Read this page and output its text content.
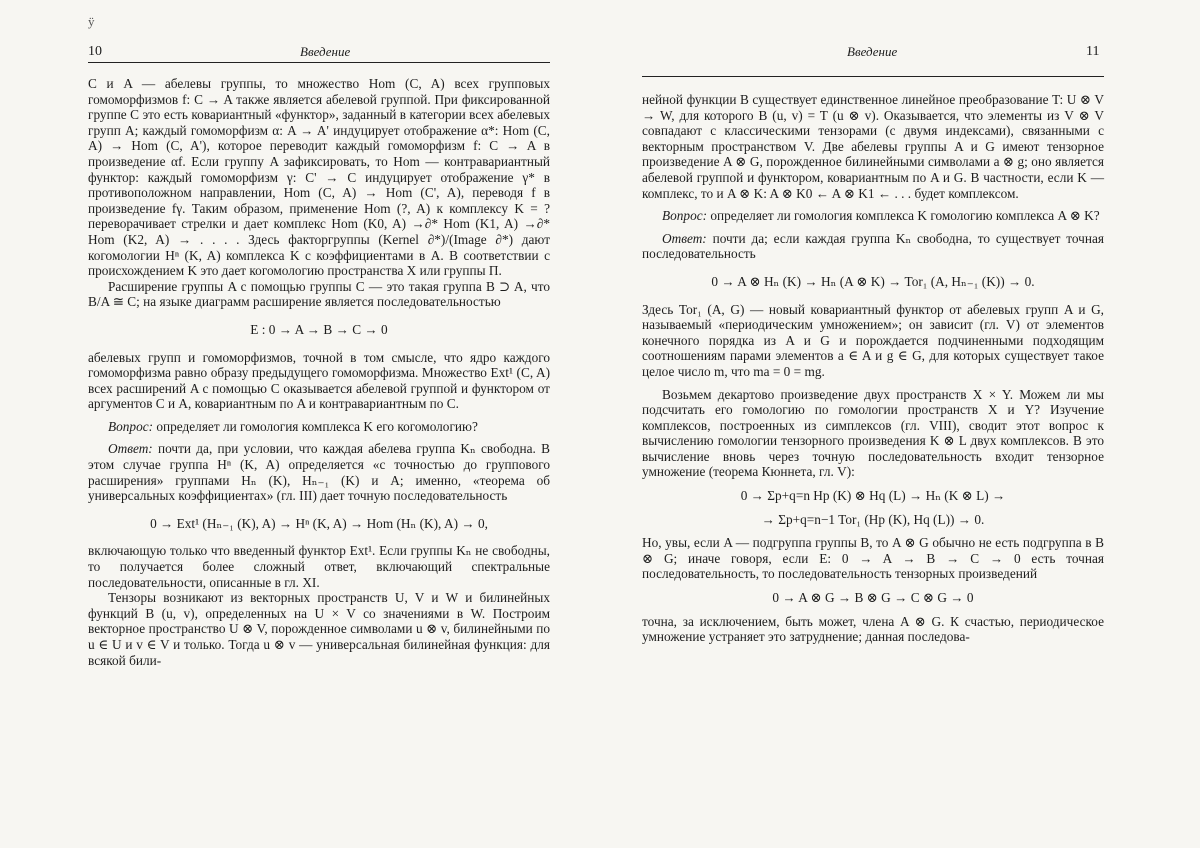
ÿ
10	Введение

C и A — абелевы группы, то множество Hom (C, A) всех групповых гомоморфизмов f: C → A также является абелевой группой. При фиксированной группе C это есть ковариантный «функтор», заданный в категории всех абелевых групп A; каждый гомоморфизм α: A → A' индуцирует отображение α*: Hom (C, A) → Hom (C, A'), которое переводит каждый гомоморфизм f: C → A в произведение αf. Если группу A зафиксировать, то Hom — контравариантный функтор: каждый гомоморфизм γ: C' → C индуцирует отображение γ* в противоположном направлении, Hom (C, A) → Hom (C', A), переводя f в произведение fγ. Таким образом, применение Hom (?, A) к комплексу K = ? переворачивает стрелки и дает комплекс Hom (K0, A) →∂* Hom (K1, A) →∂* Hom (K2, A) → . . . . Здесь факторгруппы (Kernel ∂*)/(Image ∂*) дают когомологии Hⁿ (K, A) комплекса K с коэффициентами в A. В соответствии с происхождением K это дает когомологию пространства X или группы Π.

Расширение группы A с помощью группы C — это такая группа B ⊃ A, что B/A ≅ C; на языке диаграмм расширение является последовательностью

E : 0 → A → B → C → 0

абелевых групп и гомоморфизмов, точной в том смысле, что ядро каждого гомоморфизма равно образу предыдущего гомоморфизма. Множество Ext¹ (C, A) всех расширений A с помощью C оказывается абелевой группой и функтором от аргументов C и A, ковариантным по A и контравариантным по C.

Вопрос: определяет ли гомология комплекса K его когомологию?

Ответ: почти да, при условии, что каждая абелева группа Kₙ свободна. В этом случае группа Hⁿ (K, A) определяется «с точностью до группового расширения» группами Hₙ (K), Hₙ₋₁ (K) и A; именно, «теорема об универсальных коэффициентах» (гл. III) дает точную последовательность

0 → Ext¹ (Hₙ₋₁ (K), A) → Hⁿ (K, A) → Hom (Hₙ (K), A) → 0,

включающую только что введенный функтор Ext¹. Если группы Kₙ не свободны, то получается более сложный ответ, включающий спектральные последовательности, описанные в гл. XI.

Тензоры возникают из векторных пространств U, V и W и билинейных функций B (u, v), определенных на U × V со значениями в W. Построим векторное пространство U ⊗ V, порожденное символами u ⊗ v, билинейными по u ∈ U и v ∈ V и только. Тогда u ⊗ v — универсальная билинейная функция: для всякой били-

Введение	11

нейной функции B существует единственное линейное преобразование T: U ⊗ V → W, для которого B (u, v) = T (u ⊗ v). Оказывается, что элементы из V ⊗ V совпадают с классическими тензорами (с двумя индексами), связанными с векторным пространством V. Две абелевы группы A и G имеют тензорное произведение A ⊗ G, порожденное билинейными символами a ⊗ g; оно является абелевой группой и функтором, ковариантным по A и G. В частности, если K — комплекс, то и A ⊗ K: A ⊗ K0 ← A ⊗ K1 ← . . . будет комплексом.

Вопрос: определяет ли гомология комплекса K гомологию комплекса A ⊗ K?

Ответ: почти да; если каждая группа Kₙ свободна, то существует точная последовательность

0 → A ⊗ Hₙ (K) → Hₙ (A ⊗ K) → Tor₁ (A, Hₙ₋₁ (K)) → 0.

Здесь Tor₁ (A, G) — новый ковариантный функтор от абелевых групп A и G, называемый «периодическим умножением»; он зависит (гл. V) от элементов конечного порядка из A и G и порождается подчиненными подходящим соотношениям парами элементов a ∈ A и g ∈ G, для которых существует такое целое число m, что ma = 0 = mg.

Возьмем декартово произведение двух пространств X × Y. Можем ли мы подсчитать его гомологию по гомологии пространств X и Y? Изучение комплексов, построенных из симплексов (гл. VIII), сводит этот вопрос к вычислению гомологии тензорного произведения K ⊗ L двух комплексов. В это вычисление вновь через точную последовательность входит тензорное умножение (теорема Кюннета, гл. V):

0 → Σp+q=n Hp (K) ⊗ Hq (L) → Hₙ (K ⊗ L) →
→ Σp+q=n−1 Tor₁ (Hp (K), Hq (L)) → 0.

Но, увы, если A — подгруппа группы B, то A ⊗ G обычно не есть подгруппа в B ⊗ G; иначе говоря, если E: 0 → A → B → C → 0 есть точная последовательность, то последовательность тензорных произведений

0 → A ⊗ G → B ⊗ G → C ⊗ G → 0

точна, за исключением, быть может, члена A ⊗ G. К счастью, периодическое умножение устраняет это затруднение; данная последова-
